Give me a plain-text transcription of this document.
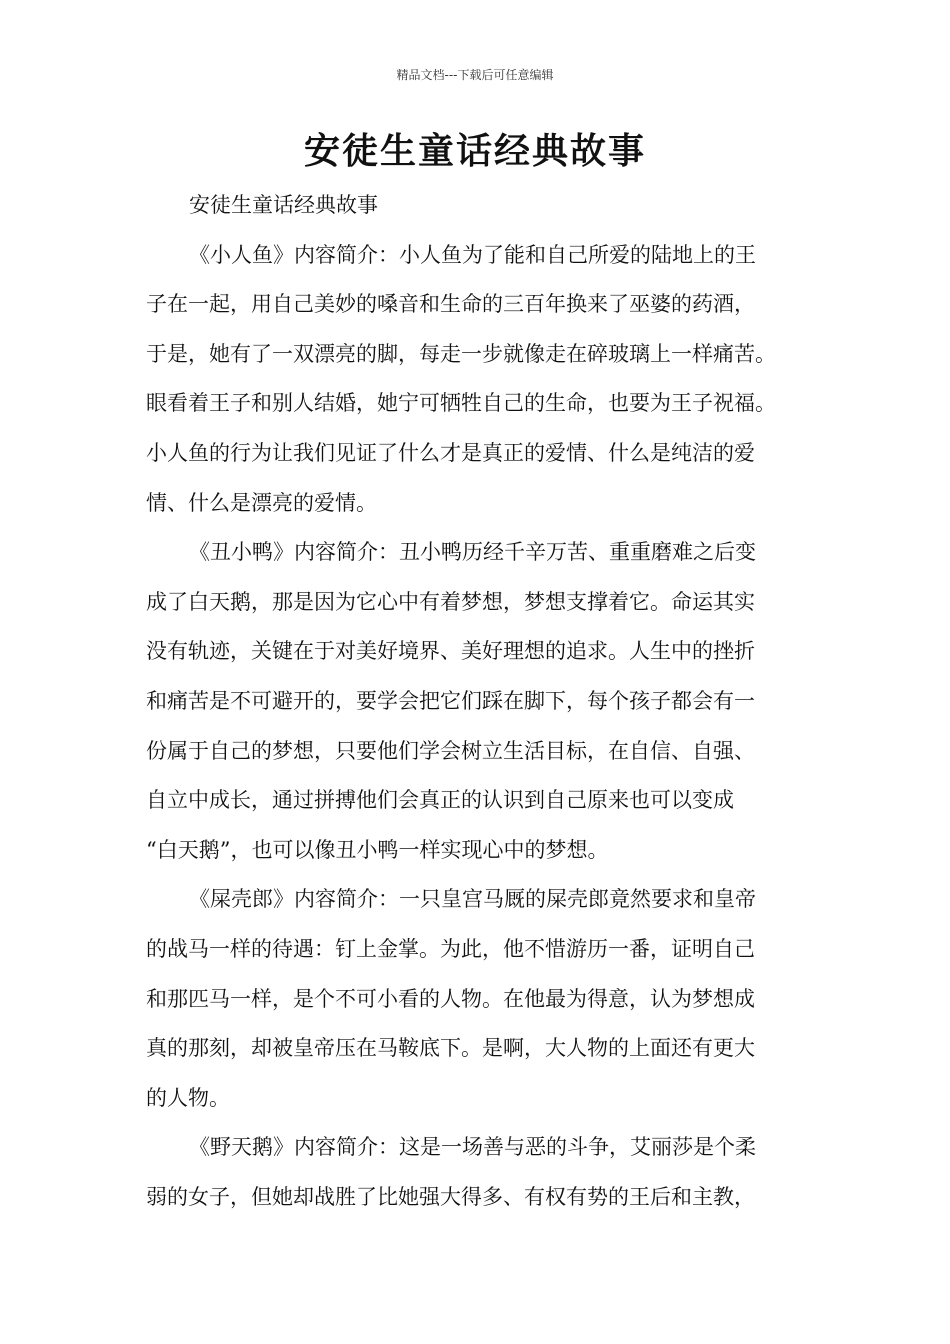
精品文档---下载后可任意编辑
安徒生童话经典故事

安徒生童话经典故事

《小人鱼》内容简介：小人鱼为了能和自己所爱的陆地上的王
子在一起，用自己美妙的嗓音和生命的三百年换来了巫婆的药酒，
于是，她有了一双漂亮的脚，每走一步就像走在碎玻璃上一样痛苦。
眼看着王子和别人结婚，她宁可牺牲自己的生命，也要为王子祝福。
小人鱼的行为让我们见证了什么才是真正的爱情、什么是纯洁的爱
情、什么是漂亮的爱情。
《丑小鸭》内容简介：丑小鸭历经千辛万苦、重重磨难之后变
成了白天鹅，那是因为它心中有着梦想，梦想支撑着它。命运其实
没有轨迹，关键在于对美好境界、美好理想的追求。人生中的挫折
和痛苦是不可避开的，要学会把它们踩在脚下，每个孩子都会有一
份属于自己的梦想，只要他们学会树立生活目标，在自信、自强、
自立中成长，通过拼搏他们会真正的认识到自己原来也可以变成
“白天鹅”，也可以像丑小鸭一样实现心中的梦想。
《屎壳郎》内容简介：一只皇宫马厩的屎壳郎竟然要求和皇帝
的战马一样的待遇：钉上金掌。为此，他不惜游历一番，证明自己
和那匹马一样，是个不可小看的人物。在他最为得意，认为梦想成
真的那刻，却被皇帝压在马鞍底下。是啊，大人物的上面还有更大
的人物。
《野天鹅》内容简介：这是一场善与恶的斗争，艾丽莎是个柔
弱的女子，但她却战胜了比她强大得多、有权有势的王后和主教，
